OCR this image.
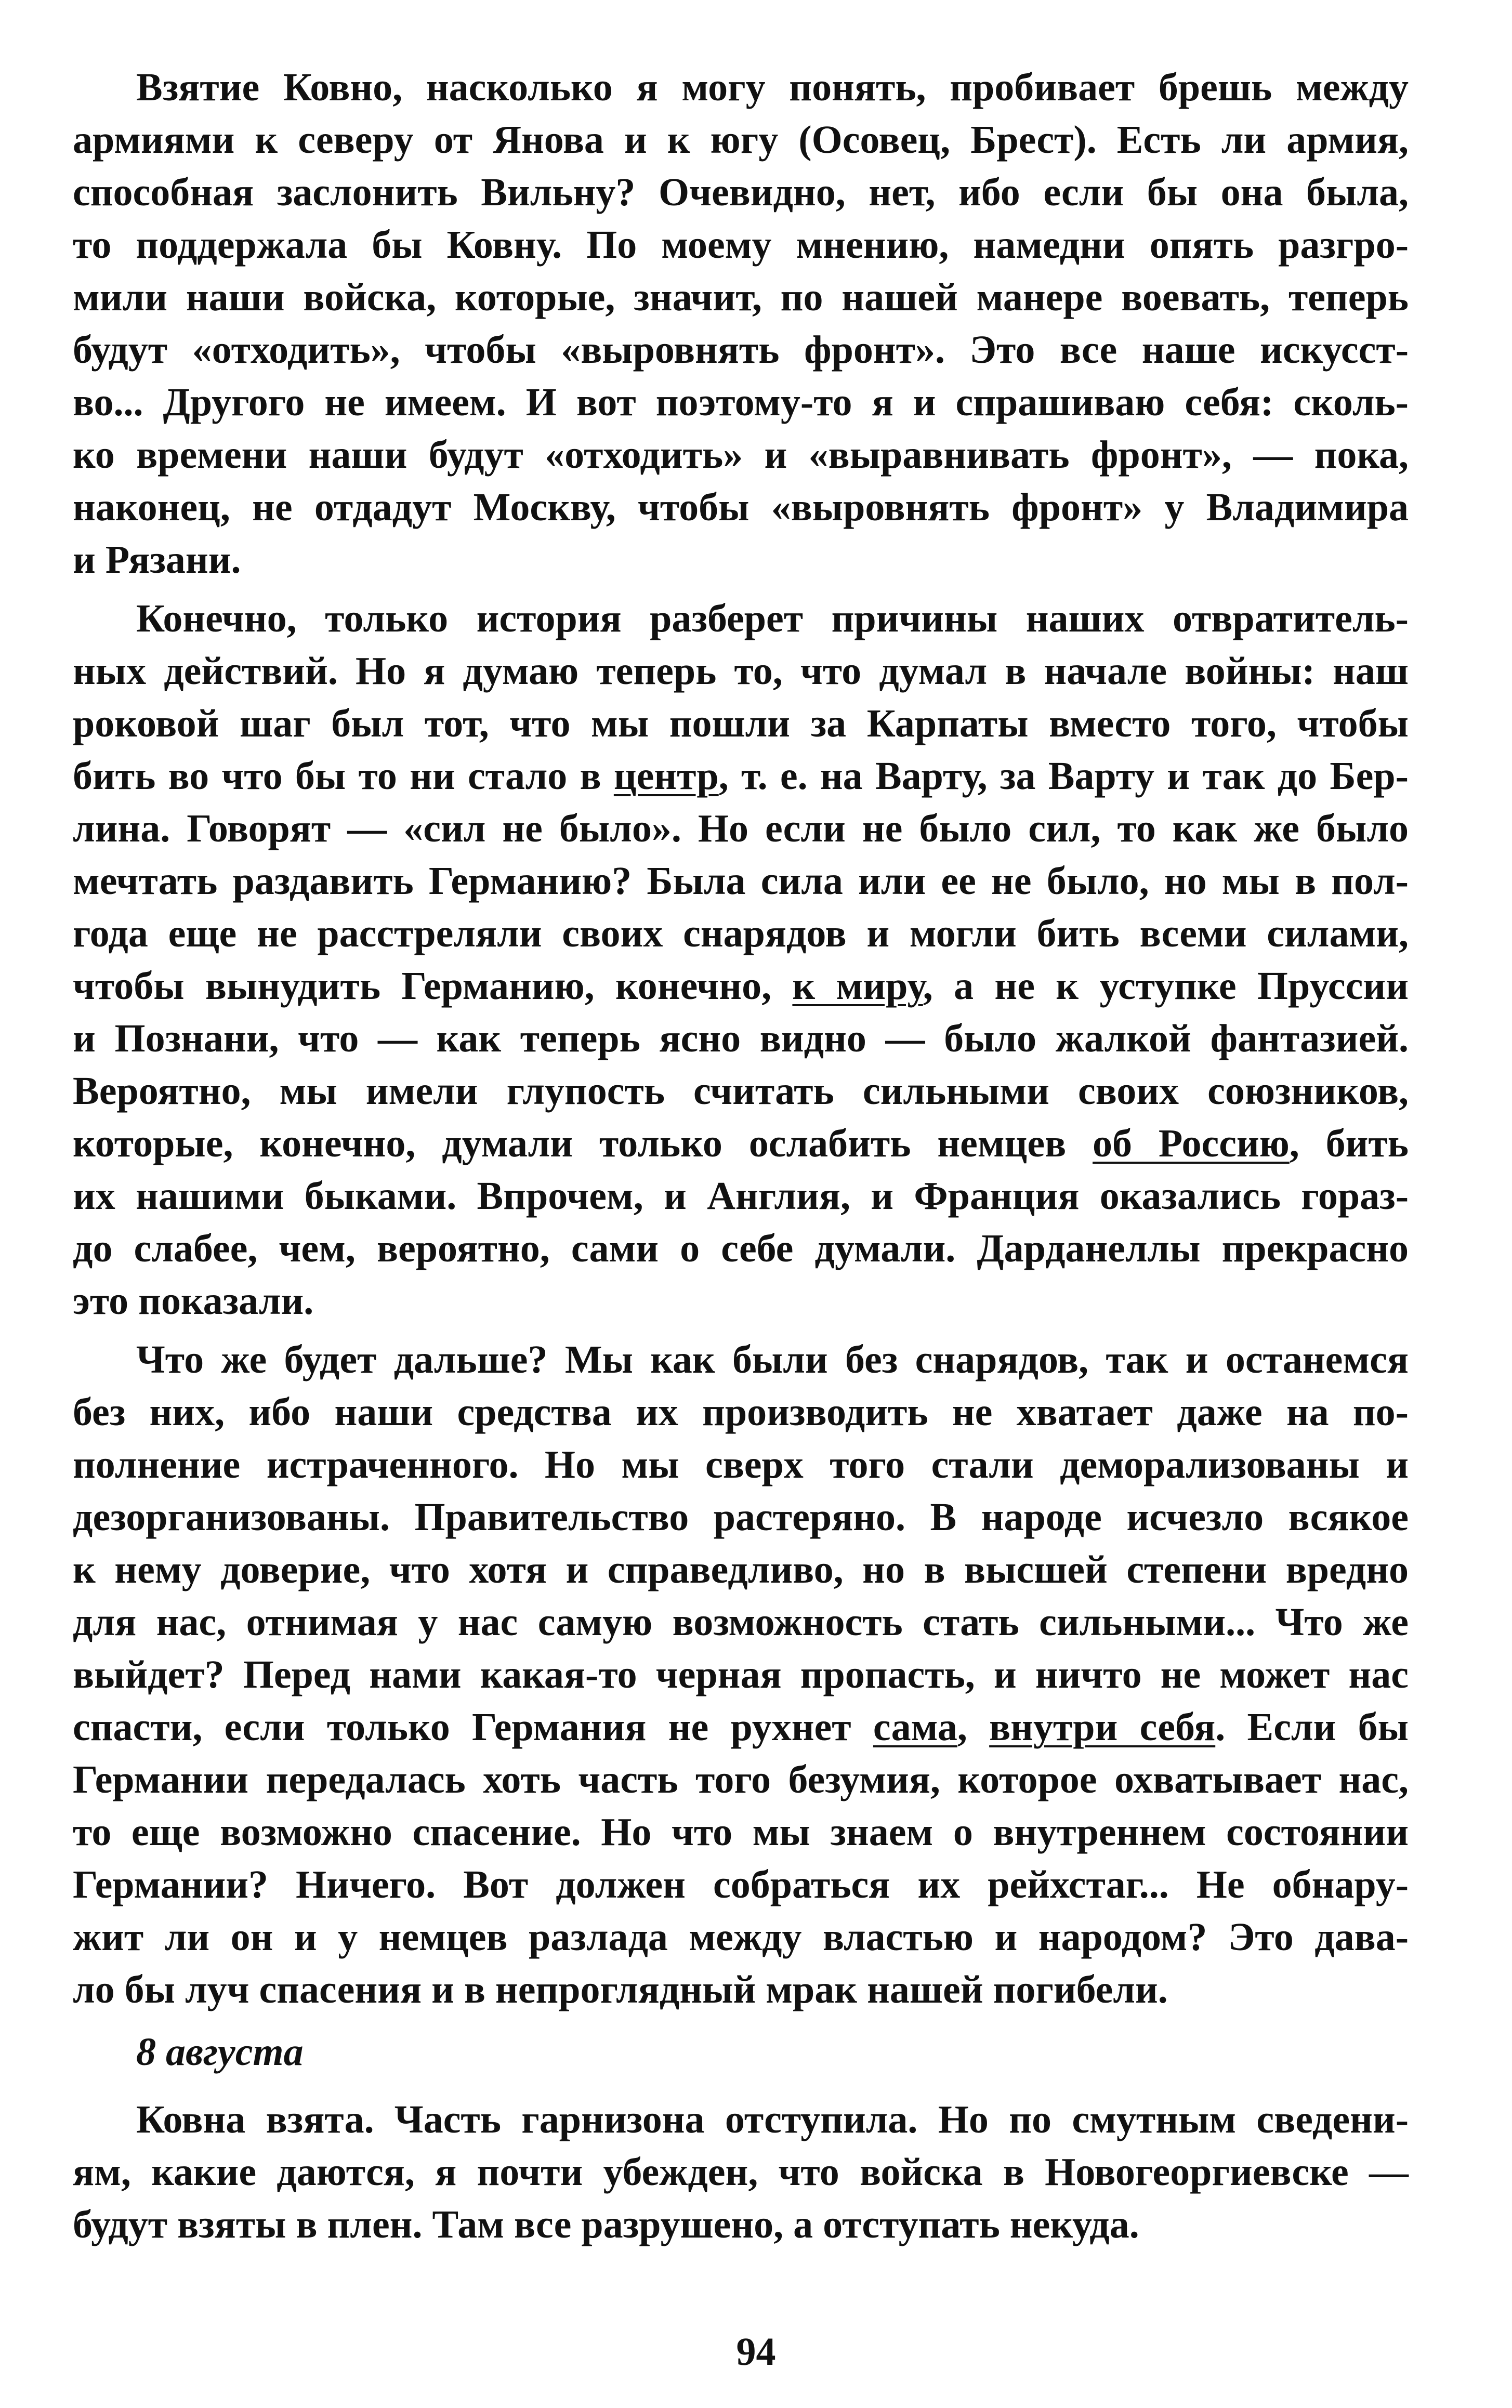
Взятие Ковно, насколько я могу понять, пробивает брешь между
армиями к северу от Янова и к югу (Осовец, Брест). Есть ли армия,
способная заслонить Вильну? Очевидно, нет, ибо если бы она была,
то поддержала бы Ковну. По моему мнению, намедни опять разгро-
мили наши войска, которые, значит, по нашей манере воевать, теперь
будут «отходить», чтобы «выровнять фронт». Это все наше искусст-
во... Другого не имеем. И вот поэтому-то я и спрашиваю себя: сколь-
ко времени наши будут «отходить» и «выравнивать фронт», — пока,
наконец, не отдадут Москву, чтобы «выровнять фронт» у Владимира
и Рязани.
Конечно, только история разберет причины наших отвратитель-
ных действий. Но я думаю теперь то, что думал в начале войны: наш
роковой шаг был тот, что мы пошли за Карпаты вместо того, чтобы
бить во что бы то ни стало в центр, т. е. на Варту, за Варту и так до Бер-
лина. Говорят — «сил не было». Но если не было сил, то как же было
мечтать раздавить Германию? Была сила или ее не было, но мы в пол-
года еще не расстреляли своих снарядов и могли бить всеми силами,
чтобы вынудить Германию, конечно, к миру, а не к уступке Пруссии
и Познани, что — как теперь ясно видно — было жалкой фантазией.
Вероятно, мы имели глупость считать сильными своих союзников,
которые, конечно, думали только ослабить немцев об Россию, бить
их нашими быками. Впрочем, и Англия, и Франция оказались горaз-
до слабее, чем, вероятно, сами о себе думали. Дарданеллы прекрасно
это показали.
Что же будет дальше? Мы как были без снарядов, так и останемся
без них, ибо наши средства их производить не хватает даже на по-
полнение истраченного. Но мы сверх того стали деморализованы и
дезорганизованы. Правительство растеряно. В народе исчезло всякое
к нему доверие, что хотя и справедливо, но в высшей степени вредно
для нас, отнимая у нас самую возможность стать сильными... Что же
выйдет? Перед нами какая-то черная пропасть, и ничто не может нас
спасти, если только Германия не рухнет сама, внутри себя. Если бы
Германии передалась хоть часть того безумия, которое охватывает нас,
то еще возможно спасение. Но что мы знаем о внутреннем состоянии
Германии? Ничего. Вот должен собраться их рейхстаг... Не обнару-
жит ли он и у немцев разлада между властью и народом? Это давa-
ло бы луч спасения и в непроглядный мрак нашей погибели.
8 августа
Ковна взята. Часть гарнизона отступила. Но по смутным сведени-
ям, какие даются, я почти убежден, что войска в Новогеоргиевске —
будут взяты в плен. Там все разрушено, а отступать некуда.
94
